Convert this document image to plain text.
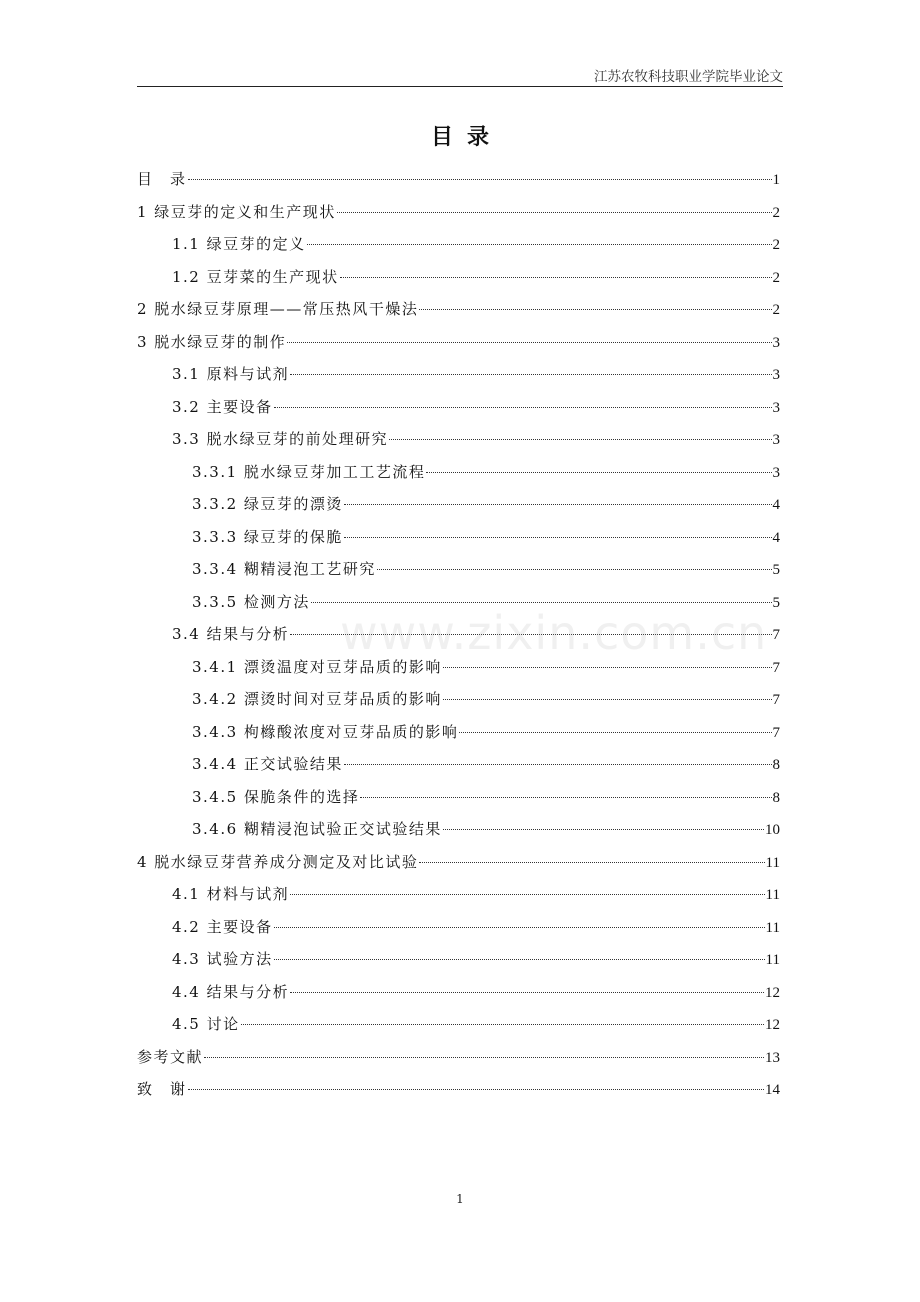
江苏农牧科技职业学院毕业论文
目录
目　录	1
1 绿豆芽的定义和生产现状	2
1.1 绿豆芽的定义	2
1.2 豆芽菜的生产现状	2
2 脱水绿豆芽原理——常压热风干燥法	2
3 脱水绿豆芽的制作	3
3.1 原料与试剂	3
3.2 主要设备	3
3.3 脱水绿豆芽的前处理研究	3
3.3.1 脱水绿豆芽加工工艺流程	3
3.3.2 绿豆芽的漂烫	4
3.3.3 绿豆芽的保脆	4
3.3.4 糊精浸泡工艺研究	5
3.3.5 检测方法	5
3.4 结果与分析	7
3.4.1 漂烫温度对豆芽品质的影响	7
3.4.2 漂烫时间对豆芽品质的影响	7
3.4.3 枸橼酸浓度对豆芽品质的影响	7
3.4.4 正交试验结果	8
3.4.5 保脆条件的选择	8
3.4.6 糊精浸泡试验正交试验结果	10
4 脱水绿豆芽营养成分测定及对比试验	11
4.1 材料与试剂	11
4.2 主要设备	11
4.3 试验方法	11
4.4 结果与分析	12
4.5 讨论	12
参考文献	13
致　谢	14
www.zixin.com.cn
1
